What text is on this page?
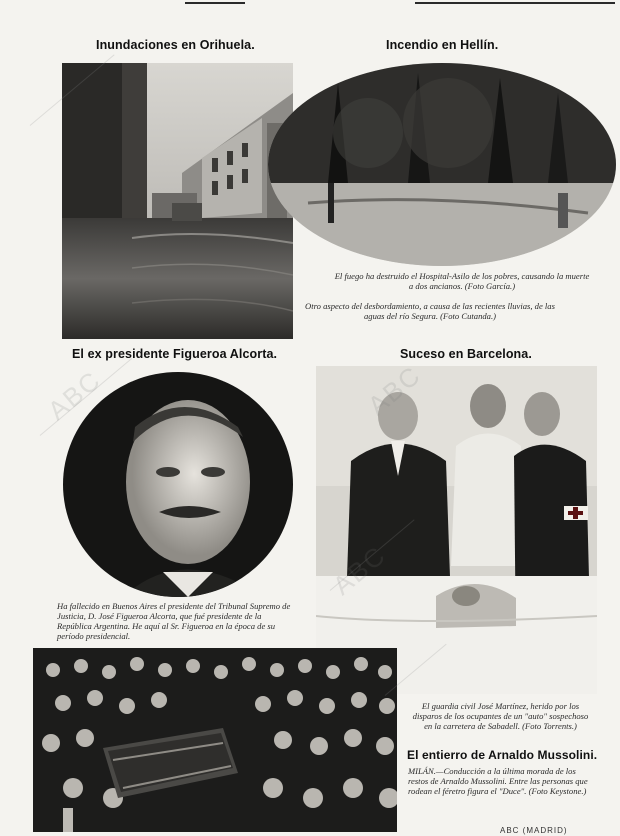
Inundaciones en Orihuela.	Incendio en Hellín.
El fuego ha destruido el Hospital-Asilo de los pobres, causando la muerte a dos ancianos. (Foto García.)
Otro aspecto del desbordamiento, a causa de las recientes lluvias, de las aguas del río Segura. (Foto Cutanda.)
El ex presidente Figueroa Alcorta.
Ha fallecido en Buenos Aires el presidente del Tribunal Supremo de Justicia, D. José Figueroa Alcorta, que fué presidente de la República Argentina. He aquí al Sr. Figueroa en la época de su período presidencial.
Suceso en Barcelona.
El guardia civil José Martínez, herido por los disparos de los ocupantes de un "auto" sospechoso en la carretera de Sabadell. (Foto Torrents.)
El entierro de Arnaldo Mussolini.
MILÁN.—Conducción a la última morada de los restos de Arnaldo Mussolini. Entre las personas que rodean el féretro figura el "Duce". (Foto Keystone.)
ABC
ABC (MADRID)
